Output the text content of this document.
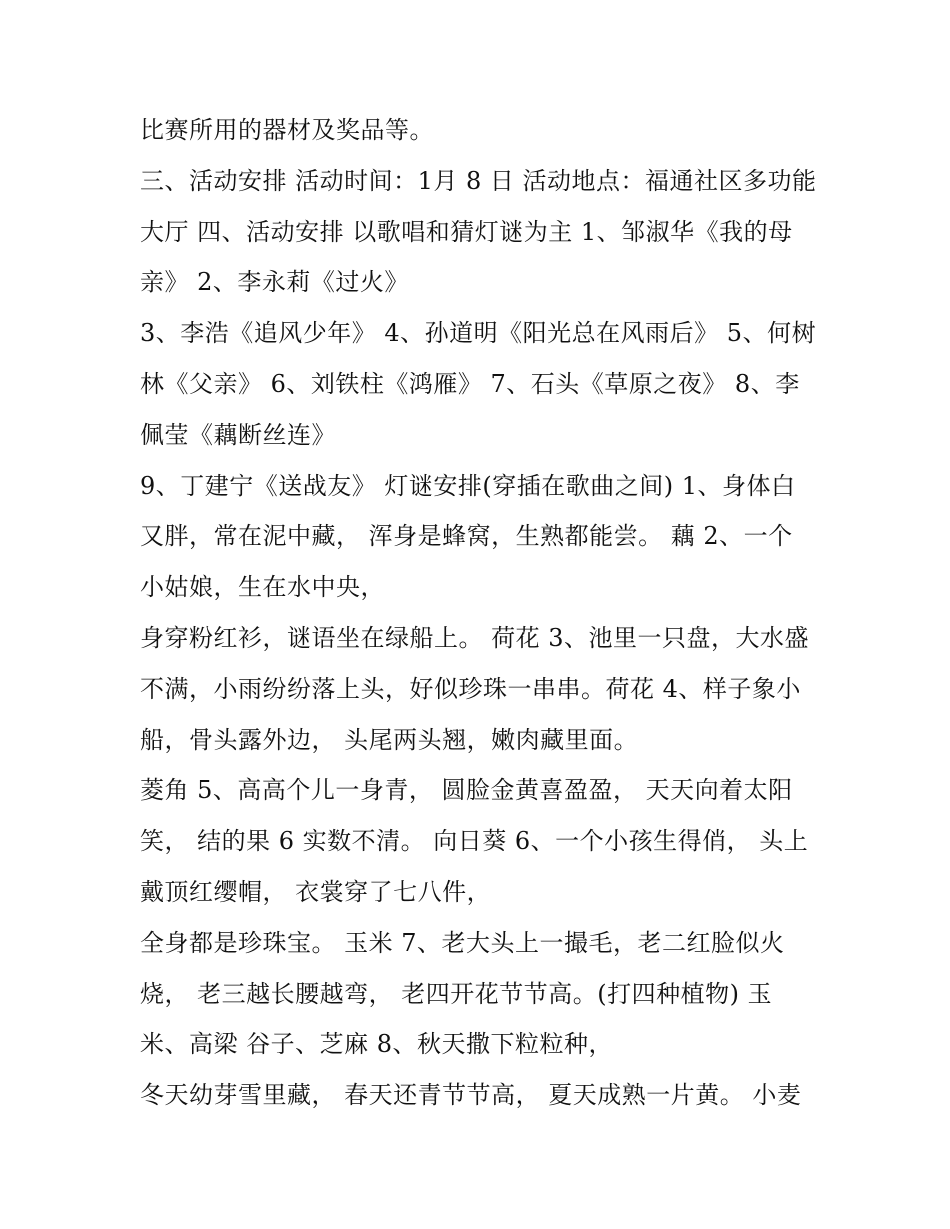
比赛所用的器材及奖品等。
三、活动安排 活动时间：1月 8 日 活动地点：福通社区多功能
大厅 四、活动安排 以歌唱和猜灯谜为主 1、邹淑华《我的母
亲》 2、李永莉《过火》
3、李浩《追风少年》 4、孙道明《阳光总在风雨后》 5、何树
林《父亲》 6、刘铁柱《鸿雁》 7、石头《草原之夜》 8、李
佩莹《藕断丝连》
9、丁建宁《送战友》 灯谜安排(穿插在歌曲之间) 1、身体白
又胖，常在泥中藏， 浑身是蜂窝，生熟都能尝。 藕 2、一个
小姑娘，生在水中央，
身穿粉红衫，谜语坐在绿船上。 荷花 3、池里一只盘，大水盛
不满，小雨纷纷落上头，好似珍珠一串串。荷花 4、样子象小
船，骨头露外边， 头尾两头翘，嫩肉藏里面。
菱角 5、高高个儿一身青， 圆脸金黄喜盈盈， 天天向着太阳
笑， 结的果 6 实数不清。 向日葵 6、一个小孩生得俏， 头上
戴顶红缨帽， 衣裳穿了七八件，
全身都是珍珠宝。 玉米 7、老大头上一撮毛，老二红脸似火
烧， 老三越长腰越弯， 老四开花节节高。(打四种植物) 玉
米、高梁 谷子、芝麻 8、秋天撒下粒粒种，
冬天幼芽雪里藏， 春天还青节节高， 夏天成熟一片黄。 小麦
